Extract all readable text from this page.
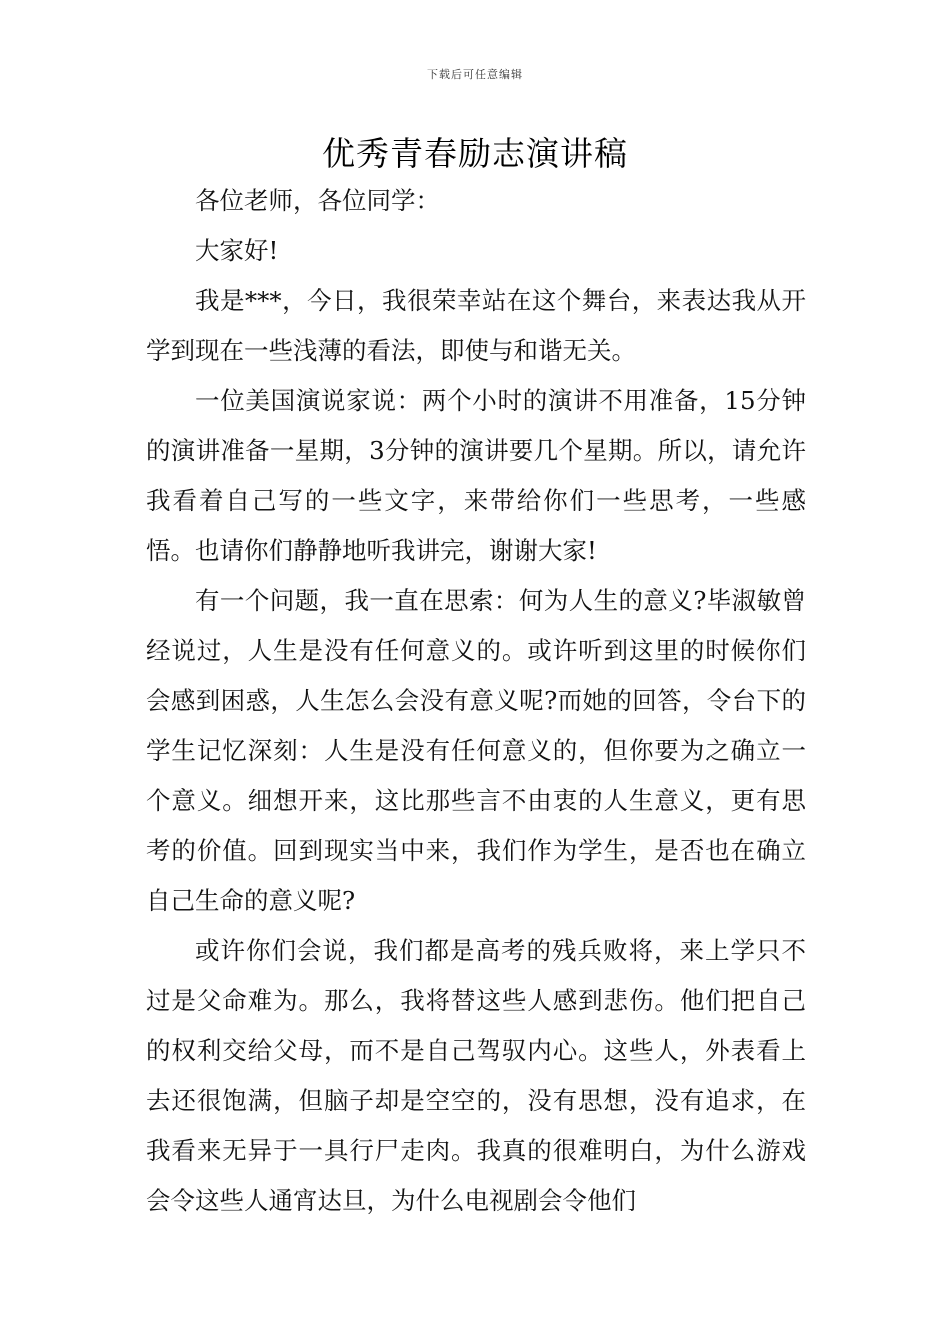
下载后可任意编辑
优秀青春励志演讲稿

各位老师，各位同学：

大家好!

我是***，今日，我很荣幸站在这个舞台，来表达我从开学到现在一些浅薄的看法，即使与和谐无关。

一位美国演说家说：两个小时的演讲不用准备，15分钟的演讲准备一星期，3分钟的演讲要几个星期。所以，请允许我看着自己写的一些文字，来带给你们一些思考，一些感悟。也请你们静静地听我讲完，谢谢大家!

有一个问题，我一直在思索：何为人生的意义?毕淑敏曾经说过，人生是没有任何意义的。或许听到这里的时候你们会感到困惑，人生怎么会没有意义呢?而她的回答，令台下的学生记忆深刻：人生是没有任何意义的，但你要为之确立一个意义。细想开来，这比那些言不由衷的人生意义，更有思考的价值。回到现实当中来，我们作为学生，是否也在确立自己生命的意义呢?

或许你们会说，我们都是高考的残兵败将，来上学只不过是父命难为。那么，我将替这些人感到悲伤。他们把自己的权利交给父母，而不是自己驾驭内心。这些人，外表看上去还很饱满，但脑子却是空空的，没有思想，没有追求，在我看来无异于一具行尸走肉。我真的很难明白，为什么游戏会令这些人通宵达旦，为什么电视剧会令他们
